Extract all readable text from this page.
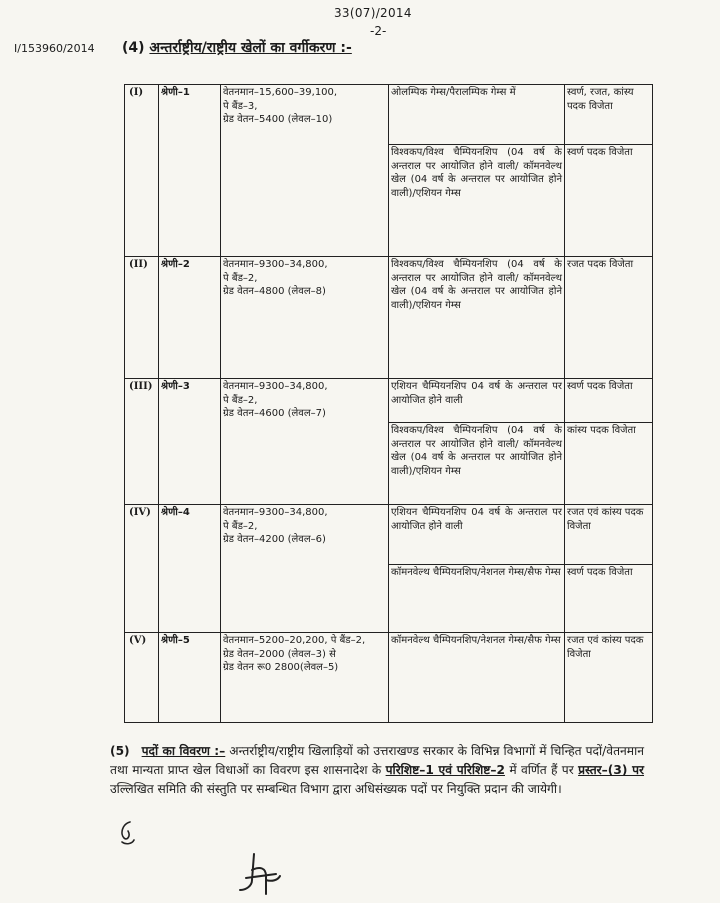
33(07)/2014
-2-
I/153960/2014 (4) अन्तर्राष्ट्रीय/राष्ट्रीय खेलों का वर्गीकरण :-
(I)	श्रेणी–1	वेतनमान–15,600–39,100,
पे बैंड–3,
ग्रेड वेतन–5400 (लेवल–10)	ओलम्पिक गेम्स/पैरालम्पिक गेम्स में	स्वर्ण, रजत, कांस्य पदक विजेता
			विश्वकप/विश्व चैम्पियनशिप (04 वर्ष के अन्तराल पर आयोजित होने वाली/ कॉमनवेल्थ खेल (04 वर्ष के अन्तराल पर आयोजित होने वाली)/एशियन गेम्स	स्वर्ण पदक विजेता
(II)	श्रेणी–2	वेतनमान–9300–34,800,
पे बैंड–2,
ग्रेड वेतन–4800 (लेवल–8)	विश्वकप/विश्व चैम्पियनशिप (04 वर्ष के अन्तराल पर आयोजित होने वाली/ कॉमनवेल्थ खेल (04 वर्ष के अन्तराल पर आयोजित होने वाली)/एशियन गेम्स	रजत पदक विजेता
(III)	श्रेणी–3	वेतनमान–9300–34,800,
पे बैंड–2,
ग्रेड वेतन–4600 (लेवल–7)	एशियन चैम्पियनशिप 04 वर्ष के अन्तराल पर आयोजित होने वाली	स्वर्ण पदक विजेता
			विश्वकप/विश्व चैम्पियनशिप (04 वर्ष के अन्तराल पर आयोजित होने वाली/ कॉमनवेल्थ खेल (04 वर्ष के अन्तराल पर आयोजित होने वाली)/एशियन गेम्स	कांस्य पदक विजेता
(IV)	श्रेणी–4	वेतनमान–9300–34,800,
पे बैंड–2,
ग्रेड वेतन–4200 (लेवल–6)	एशियन चैम्पियनशिप 04 वर्ष के अन्तराल पर आयोजित होने वाली	रजत एवं कांस्य पदक विजेता
			कॉमनवेल्थ चैम्पियनशिप/नेशनल गेम्स/सैफ गेम्स	स्वर्ण पदक विजेता
(V)	श्रेणी–5	वेतनमान–5200–20,200, पे बैंड–2,
ग्रेड वेतन–2000 (लेवल–3) से
ग्रेड वेतन रू0 2800(लेवल–5)	कॉमनवेल्थ चैम्पियनशिप/नेशनल गेम्स/सैफ गेम्स	रजत एवं कांस्य पदक विजेता
(5) पदों का विवरण :– अन्तर्राष्ट्रीय/राष्ट्रीय खिलाड़ियों को उत्तराखण्ड सरकार के विभिन्न विभागों में चिन्हित पदों/वेतनमान तथा मान्यता प्राप्त खेल विधाओं का विवरण इस शासनादेश के परिशिष्ट–1 एवं परिशिष्ट–2 में वर्णित हैं पर प्रस्तर–(3) पर उल्लिखित समिति की संस्तुति पर सम्बन्धित विभाग द्वारा अधिसंख्यक पदों पर नियुक्ति प्रदान की जायेगी।
